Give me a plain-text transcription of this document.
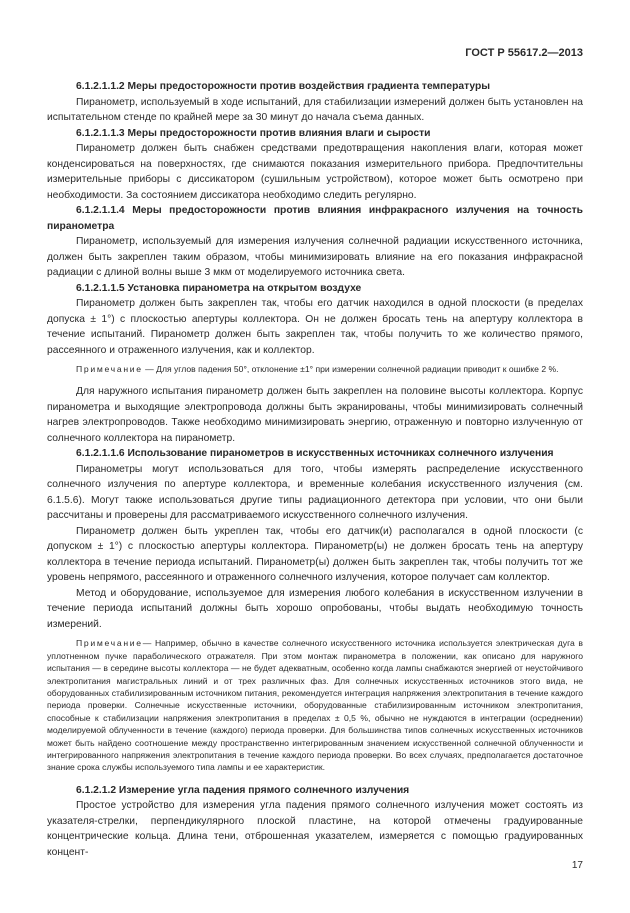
ГОСТ Р 55617.2—2013

6.1.2.1.1.2 Меры предосторожности против воздействия градиента температуры

Пиранометр, используемый в ходе испытаний, для стабилизации измерений должен быть установлен на испытательном стенде по крайней мере за 30 минут до начала съема данных.

6.1.2.1.1.3 Меры предосторожности против влияния влаги и сырости

Пиранометр должен быть снабжен средствами предотвращения накопления влаги, которая может конденсироваться на поверхностях, где снимаются показания измерительного прибора. Предпочтительны измерительные приборы с диссикатором (сушильным устройством), которое может быть осмотрено при необходимости. За состоянием диссикатора необходимо следить регулярно.

6.1.2.1.1.4 Меры предосторожности против влияния инфракрасного излучения на точность пиранометра

Пиранометр, используемый для измерения излучения солнечной радиации искусственного источника, должен быть закреплен таким образом, чтобы минимизировать влияние на его показания инфракрасной радиации с длиной волны выше 3 мкм от моделируемого источника света.

6.1.2.1.1.5 Установка пиранометра на открытом воздухе

Пиранометр должен быть закреплен так, чтобы его датчик находился в одной плоскости (в пределах допуска ± 1°) с плоскостью апертуры коллектора. Он не должен бросать тень на апертуру коллектора в течение испытаний. Пиранометр должен быть закреплен так, чтобы получить то же количество прямого, рассеянного и отраженного излучения, как и коллектор.

Примечание — Для углов падения 50°, отклонение ±1° при измерении солнечной радиации приводит к ошибке 2 %.

Для наружного испытания пиранометр должен быть закреплен на половине высоты коллектора. Корпус пиранометра и выходящие электропровода должны быть экранированы, чтобы минимизировать солнечный нагрев электропроводов. Также необходимо минимизировать энергию, отраженную и повторно излученную от солнечного коллектора на пиранометр.

6.1.2.1.1.6 Использование пиранометров в искусственных источниках солнечного излучения

Пиранометры могут использоваться для того, чтобы измерять распределение искусственного солнечного излучения по апертуре коллектора, и временные колебания искусственного излучения (см. 6.1.5.6). Могут также использоваться другие типы радиационного детектора при условии, что они были рассчитаны и проверены для рассматриваемого искусственного солнечного излучения.

Пиранометр должен быть укреплен так, чтобы его датчик(и) располагался в одной плоскости (с допуском ± 1°) с плоскостью апертуры коллектора. Пиранометр(ы) не должен бросать тень на апертуру коллектора в течение периода испытаний. Пиранометр(ы) должен быть закреплен так, чтобы получить тот же уровень непрямого, рассеянного и отраженного солнечного излучения, которое получает сам коллектор.

Метод и оборудование, используемое для измерения любого колебания в искусственном излучении в течение периода испытаний должны быть хорошо опробованы, чтобы выдать необходимую точность измерений.

Примечание— Например, обычно в качестве солнечного искусственного источника используется электрическая дуга в уплотненном пучке параболического отражателя. При этом монтаж пиранометра в положении, как описано для наружного испытания — в середине высоты коллектора — не будет адекватным, особенно когда лампы снабжаются энергией от неустойчивого электропитания магистральных линий и от трех различных фаз. Для солнечных искусственных источников этого вида, не оборудованных стабилизированным источником питания, рекомендуется интеграция напряжения электропитания в течение каждого периода проверки. Солнечные искусственные источники, оборудованные стабилизированным источником электропитания, способные к стабилизации напряжения электропитания в пределах ± 0,5 %, обычно не нуждаются в интеграции (осреднении) моделируемой облученности в течение (каждого) периода проверки. Для большинства типов солнечных искусственных источников может быть найдено соотношение между пространственно интегрированным значением искусственной солнечной облученности и интегрированного напряжения электропитания в течение каждого периода проверки. Во всех случаях, предполагается достаточное знание срока службы используемого типа лампы и ее характеристик.

6.1.2.1.2 Измерение угла падения прямого солнечного излучения

Простое устройство для измерения угла падения прямого солнечного излучения может состоять из указателя-стрелки, перпендикулярного плоской пластине, на которой отмечены градуированные концентрические кольца. Длина тени, отброшенная указателем, измеряется с помощью градуированных концент-

17
